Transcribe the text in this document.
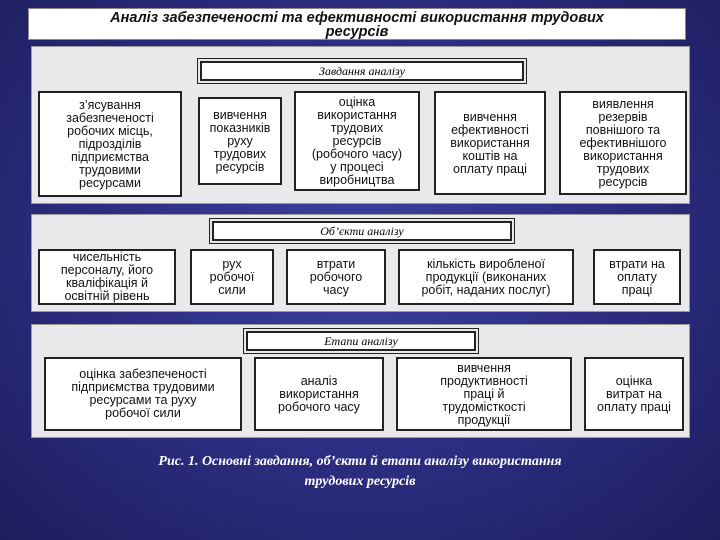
Аналіз забезпеченості та ефективності використання трудових
ресурсів
Завдання аналізу
з’ясування
забезпеченості
робочих місць,
підрозділів
підприємства
трудовими
ресурсами
вивчення
показників
руху
трудових
ресурсів
оцінка
використання
трудових
ресурсів
(робочого часу)
у процесі
виробництва
вивчення
ефективності
використання
коштів на
оплату праці
виявлення
резервів
повнішого та
ефективнішого
використання
трудових
ресурсів
Об’єкти аналізу
чисельність
персоналу, його
кваліфікація й
освітній рівень
рух
робочої
сили
втрати
робочого
часу
кількість виробленої
продукції (виконаних
робіт, наданих послуг)
втрати на
оплату
праці
Етапи аналізу
оцінка забезпеченості
підприємства трудовими
ресурсами та руху
робочої сили
аналіз
використання
робочого часу
вивчення
продуктивності
праці й
трудомісткості
продукції
оцінка
витрат на
оплату праці
Рис. 1. Основні завдання, об’єкти й етапи аналізу використання
трудових ресурсів
